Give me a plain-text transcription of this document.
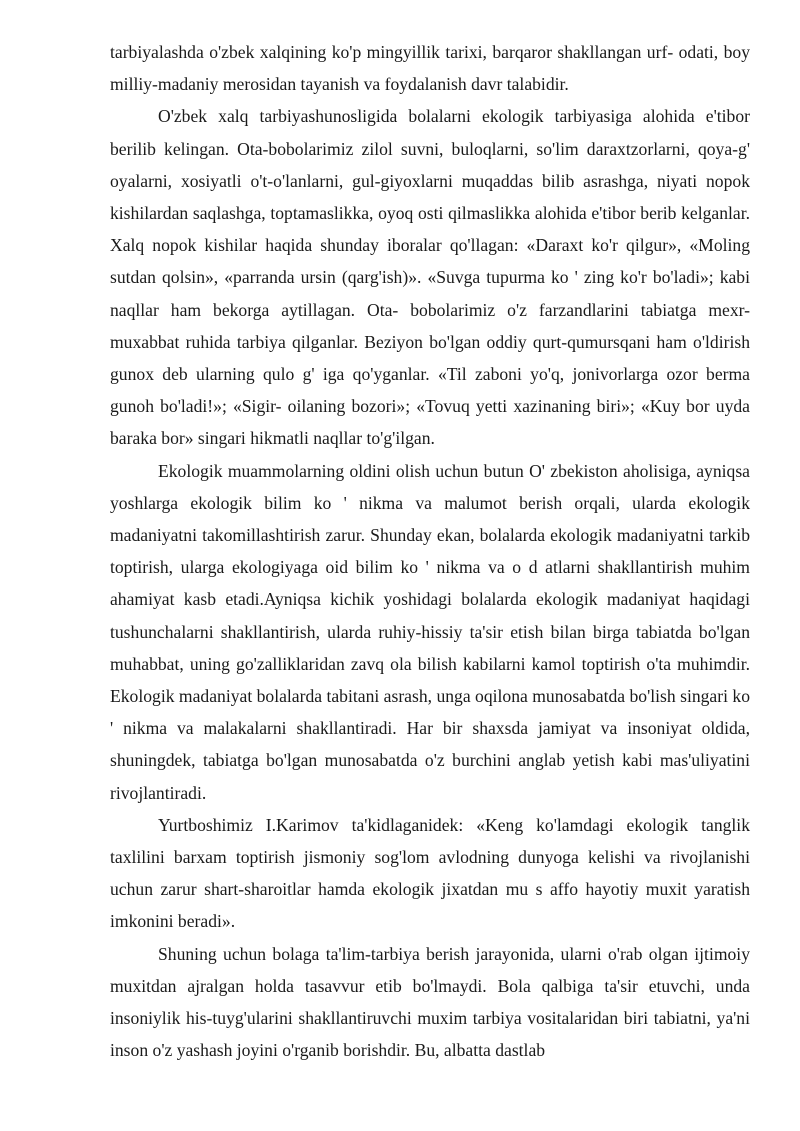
tarbiyalashda o'zbek xalqining ko'p mingyillik tarixi, barqaror shakllangan urf- odati, boy milliy-madaniy merosidan tayanish va foydalanish davr talabidir.

O'zbek xalq tarbiyashunosligida bolalarni ekologik tarbiyasiga alohida e'tibor berilib kelingan. Ota-bobolarimiz zilol suvni, buloqlarni, so'lim daraxtzorlarni, qoya-g' oyalarni, xosiyatli o't-o'lanlarni, gul-giyoxlarni muqaddas bilib asrashga, niyati nopok kishilardan saqlashga, toptamaslikka, oyoq osti qilmaslikka alohida e'tibor berib kelganlar. Xalq nopok kishilar haqida shunday iboralar qo'llagan: «Daraxt ko'r qilgur», «Moling sutdan qolsin», «parranda ursin (qarg'ish)». «Suvga tupurma ko ' zing ko'r bo'ladi»; kabi naqllar ham bekorga aytillagan. Ota- bobolarimiz o'z farzandlarini tabiatga mexr-muxabbat ruhida tarbiya qilganlar. Beziyon bo'lgan oddiy qurt-qumursqani ham o'ldirish gunox deb ularning qulo g' iga qo'yganlar. «Til zaboni yo'q, jonivorlarga ozor berma gunoh bo'ladi!»; «Sigir- oilaning bozori»; «Tovuq yetti xazinaning biri»; «Kuy bor uyda baraka bor» singari hikmatli naqllar to'g'ilgan.

Ekologik muammolarning oldini olish uchun butun O' zbekiston aholisiga, ayniqsa yoshlarga ekologik bilim ko ' nikma va malumot berish orqali, ularda ekologik madaniyatni takomillashtirish zarur. Shunday ekan, bolalarda ekologik madaniyatni tarkib toptirish, ularga ekologiyaga oid bilim ko ' nikma va o d atlarni shakllantirish muhim ahamiyat kasb etadi.Ayniqsa kichik yoshidagi bolalarda ekologik madaniyat haqidagi tushunchalarni shakllantirish, ularda ruhiy-hissiy ta'sir etish bilan birga tabiatda bo'lgan muhabbat, uning go'zalliklaridan zavq ola bilish kabilarni kamol toptirish o'ta muhimdir. Ekologik madaniyat bolalarda tabitani asrash, unga oqilona munosabatda bo'lish singari ko ' nikma va malakalarni shakllantiradi. Har bir shaxsda jamiyat va insoniyat oldida, shuningdek, tabiatga bo'lgan munosabatda o'z burchini anglab yetish kabi mas'uliyatini rivojlantiradi.

Yurtboshimiz I.Karimov ta'kidlaganidek: «Keng ko'lamdagi ekologik tanglik taxlilini barxam toptirish jismoniy sog'lom avlodning dunyoga kelishi va rivojlanishi uchun zarur shart-sharoitlar hamda ekologik jixatdan mu s affo hayotiy muxit yaratish imkonini beradi».

Shuning uchun bolaga ta'lim-tarbiya berish jarayonida, ularni o'rab olgan ijtimoiy muxitdan ajralgan holda tasavvur etib bo'lmaydi. Bola qalbiga ta'sir etuvchi, unda insoniylik his-tuyg'ularini shakllantiruvchi muxim tarbiya vositalaridan biri tabiatni, ya'ni inson o'z yashash joyini o'rganib borishdir. Bu, albatta dastlab
